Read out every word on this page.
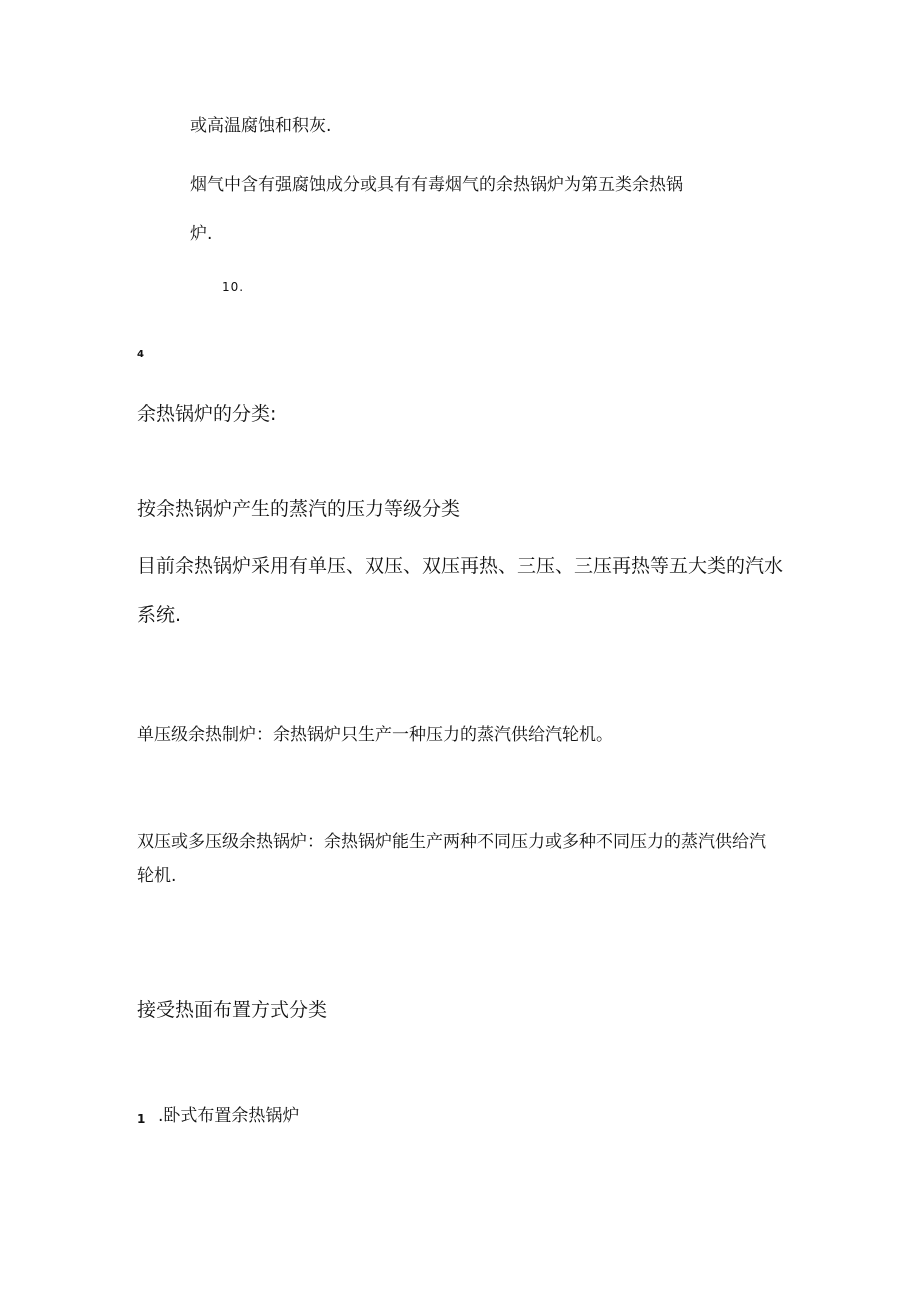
或高温腐蚀和积灰.

烟气中含有强腐蚀成分或具有有毒烟气的余热锅炉为第五类余热锅

炉.

10.

4

余热锅炉的分类:

按余热锅炉产生的蒸汽的压力等级分类

目前余热锅炉采用有单压、双压、双压再热、三压、三压再热等五大类的汽水

系统.

单压级余热制炉：余热锅炉只生产一种压力的蒸汽供给汽轮机。

双压或多压级余热锅炉：余热锅炉能生产两种不同压力或多种不同压力的蒸汽供给汽

轮机.

接受热面布置方式分类

1 .卧式布置余热锅炉
